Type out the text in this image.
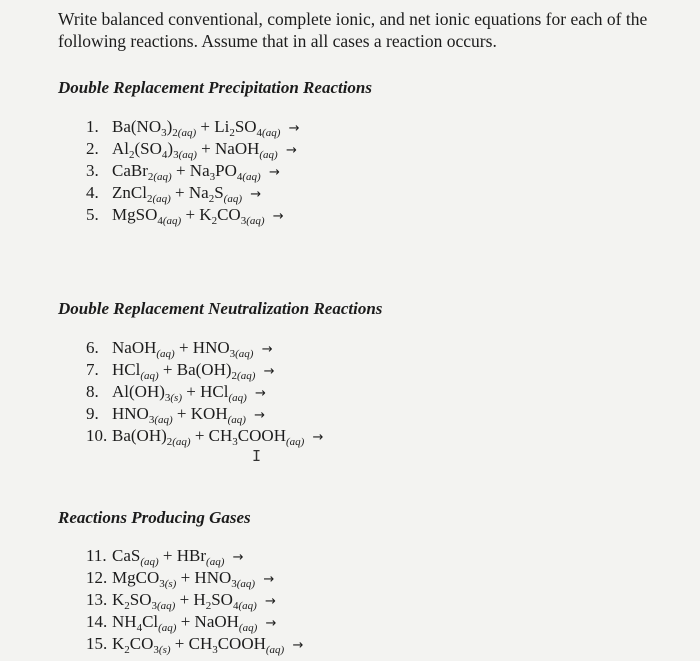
Write balanced conventional, complete ionic, and net ionic equations for each of the following reactions. Assume that in all cases a reaction occurs.
Double Replacement Precipitation Reactions
1. $Ba(NO_3)_{2(aq)} + Li_2SO_{4(aq)}$ →
2. $Al_2(SO_4)_{3(aq)}$ + NaOH$_{(aq)}$ →
3. CaBr$_{2(aq)}$ + $Na_3PO_{4(aq)}$ →
4. ZnCl$_{2(aq)}$ + $Na_2S_{(aq)}$ →
5. MgSO$_{4(aq)}$ + $K_2CO_{3(aq)}$ →
Double Replacement Neutralization Reactions
6. NaOH$_{(aq)}$ + $HNO_{3(aq)}$ →
7. $HCl_{(aq)} + Ba(OH)_{2(aq)}$ →
8. $Al(OH)_{3(s)} + HCl_{(aq)}$ →
9. $HNO_{3(aq)} + KOH_{(aq)}$ →
10. $Ba(OH)_{2(aq)}$ + $CH_3COOH_{(aq)}$ →
I
Reactions Producing Gases
11. CaS$_{(aq)}$ + HBr$_{(aq)}$ →
12. MgCO$_{3(s)}$ + $HNO_{3(aq)}$ →
13. $K_2SO_{3(aq)} + H_2SO_{4(aq)}$ →
14. $NH_4Cl_{(aq)}$ + NaOH$_{(aq)}$ →
15. $K_2CO_{3(s)}$ + $CH_3COOH_{(aq)}$ →
